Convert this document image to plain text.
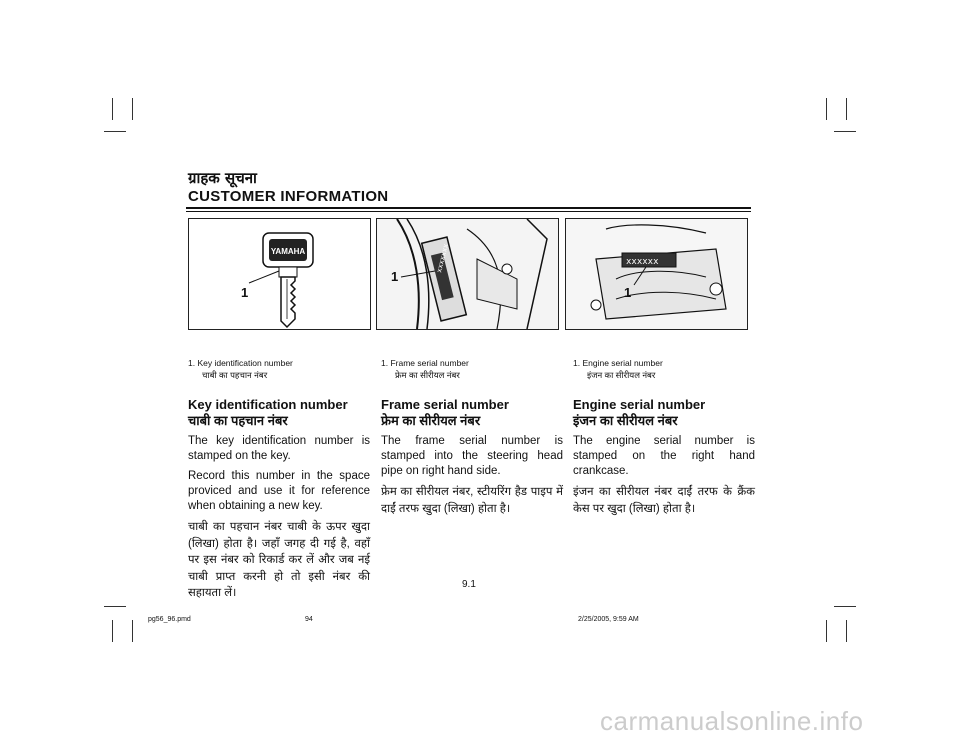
ग्राहक सूचना
CUSTOMER INFORMATION
YAMAHA
1
xxxxxxx
1
xxxxxx
1
1. Key identification number
चाबी का पहचान नंबर
Key identification number
चाबी का पहचान नंबर
The key identification number is stamped on the key.
Record this number in the space proviced and use it for reference when obtaining a new key.
चाबी का पहचान नंबर चाबी के ऊपर खुदा (लिखा) होता है। जहाँ जगह दी गई है, वहाँ पर इस नंबर को रिकार्ड कर लें और जब नई चाबी प्राप्त करनी हो तो इसी नंबर की सहायता लें।
1. Frame serial number
फ्रेम का सीरीयल नंबर
Frame serial number
फ्रेम का सीरीयल नंबर
The frame serial number is stamped into the steering head pipe on right hand side.
फ्रेम का सीरीयल नंबर, स्टीयरिंग हैड पाइप में दाईं तरफ खुदा (लिखा) होता है।
1. Engine serial number
इंजन का सीरीयल नंबर
Engine serial number
इंजन का सीरीयल नंबर
The engine serial number is stamped on the right hand crankcase.
इंजन का सीरीयल नंबर दाईं तरफ के क्रैंक केस पर खुदा (लिखा) होता है।
9.1
pg56_96.pmd	94	2/25/2005, 9:59 AM
carmanualsonline.info
